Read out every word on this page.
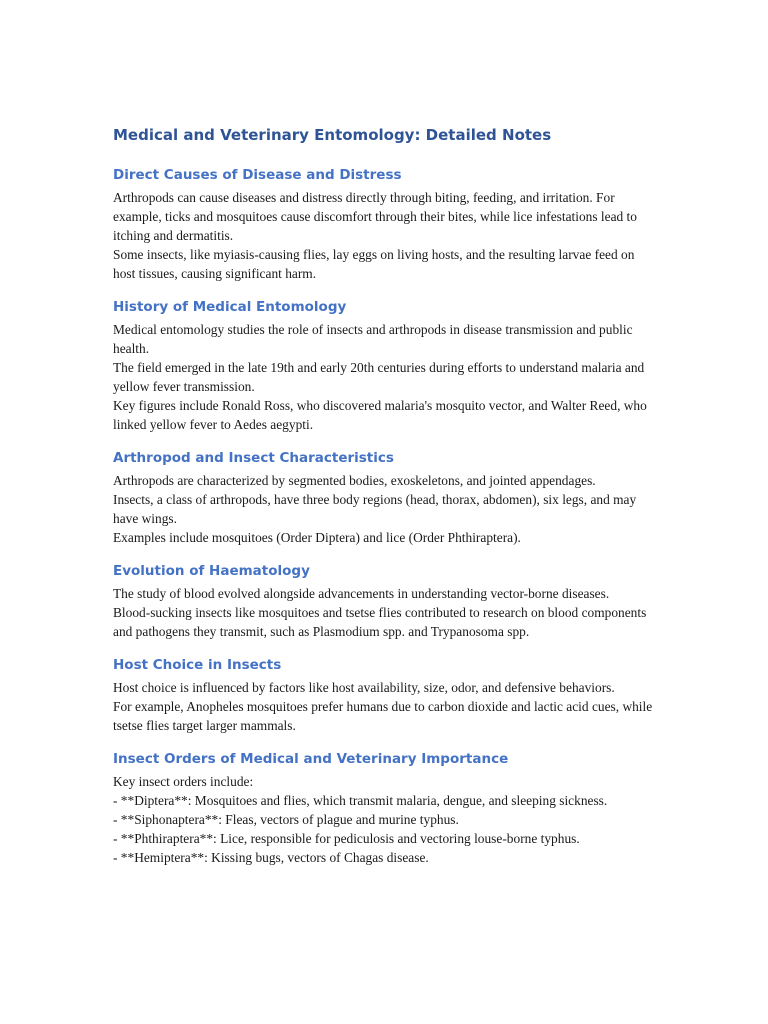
Medical and Veterinary Entomology: Detailed Notes
Direct Causes of Disease and Distress

Arthropods can cause diseases and distress directly through biting, feeding, and irritation. For example, ticks and mosquitoes cause discomfort through their bites, while lice infestations lead to itching and dermatitis.

Some insects, like myiasis-causing flies, lay eggs on living hosts, and the resulting larvae feed on host tissues, causing significant harm.

History of Medical Entomology

Medical entomology studies the role of insects and arthropods in disease transmission and public health.

The field emerged in the late 19th and early 20th centuries during efforts to understand malaria and yellow fever transmission.

Key figures include Ronald Ross, who discovered malaria's mosquito vector, and Walter Reed, who linked yellow fever to Aedes aegypti.

Arthropod and Insect Characteristics

Arthropods are characterized by segmented bodies, exoskeletons, and jointed appendages.

Insects, a class of arthropods, have three body regions (head, thorax, abdomen), six legs, and may have wings.

Examples include mosquitoes (Order Diptera) and lice (Order Phthiraptera).

Evolution of Haematology

The study of blood evolved alongside advancements in understanding vector-borne diseases.

Blood-sucking insects like mosquitoes and tsetse flies contributed to research on blood components and pathogens they transmit, such as Plasmodium spp. and Trypanosoma spp.

Host Choice in Insects

Host choice is influenced by factors like host availability, size, odor, and defensive behaviors.

For example, Anopheles mosquitoes prefer humans due to carbon dioxide and lactic acid cues, while tsetse flies target larger mammals.

Insect Orders of Medical and Veterinary Importance

Key insect orders include:

- **Diptera**: Mosquitoes and flies, which transmit malaria, dengue, and sleeping sickness.

- **Siphonaptera**: Fleas, vectors of plague and murine typhus.

- **Phthiraptera**: Lice, responsible for pediculosis and vectoring louse-borne typhus.

- **Hemiptera**: Kissing bugs, vectors of Chagas disease.
